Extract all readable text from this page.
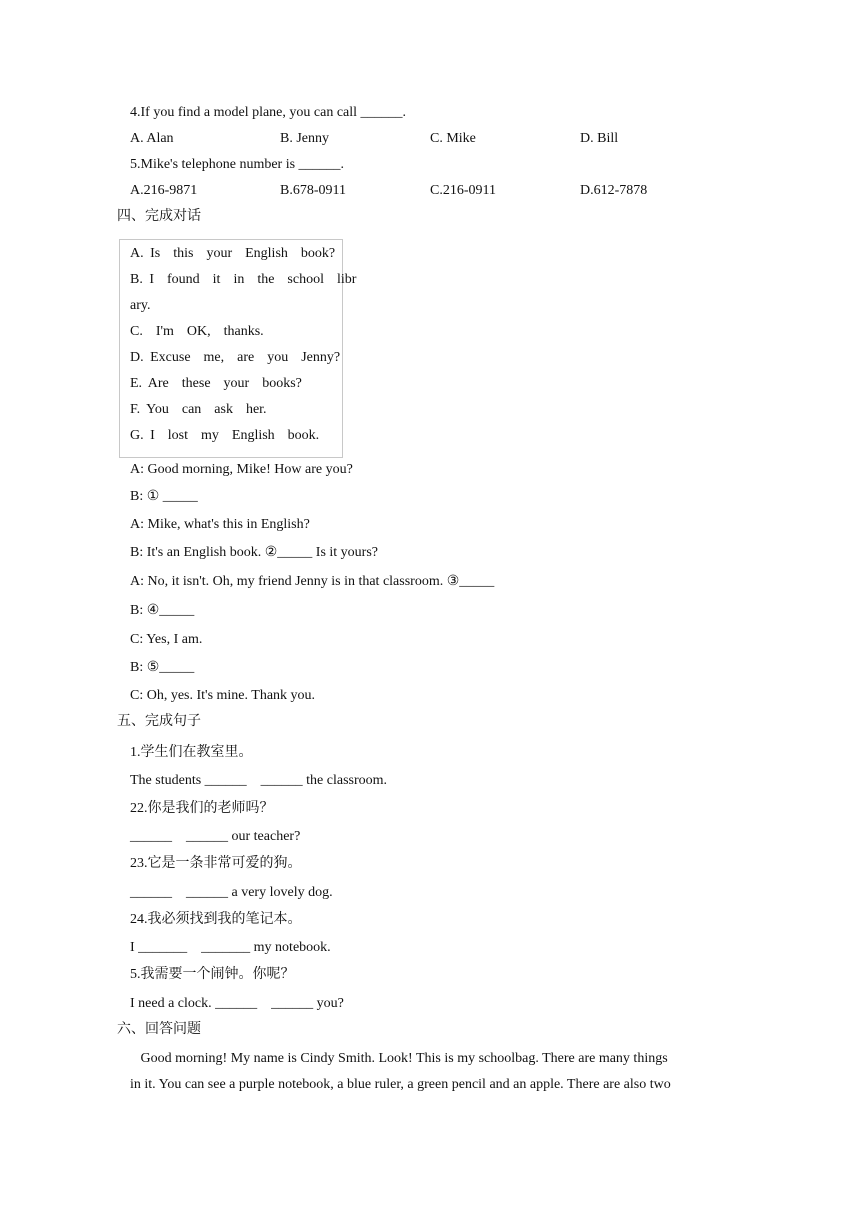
4.If you find a model plane, you can call ______.
A. Alan	B. Jenny	C. Mike	D. Bill
5.Mike's telephone number is ______.
A.216-9871	B.678-0911	C.216-0911	D.612-7878
四、完成对话
A. Is  this  your  English  book?
B. I  found  it  in  the  school  libr
ary.
C.  I'm  OK,  thanks.
D. Excuse  me,  are  you  Jenny?
E. Are  these  your  books?
F. You  can  ask  her.
G. I  lost  my  English  book.
A: Good morning, Mike! How are you?
B: ① _____
A: Mike, what's this in English?
B: It's an English book. ②_____ Is it yours?
A: No, it isn't. Oh, my friend Jenny is in that classroom. ③_____
B: ④_____
C: Yes, I am.
B: ⑤_____
C: Oh, yes. It's mine. Thank you.
五、完成句子
1.学生们在教室里。
The students ______    ______ the classroom.
22.你是我们的老师吗？
______    ______ our teacher?
23.它是一条非常可爱的狗。
______    ______ a very lovely dog.
24.我必须找到我的笔记本。
I _______    _______ my notebook.
5.我需要一个闹钟。你呢？
I need a clock. ______    ______ you?
六、回答问题
Good morning! My name is Cindy Smith. Look! This is my schoolbag. There are many things
in it. You can see a purple notebook, a blue ruler, a green pencil and an apple. There are also two
